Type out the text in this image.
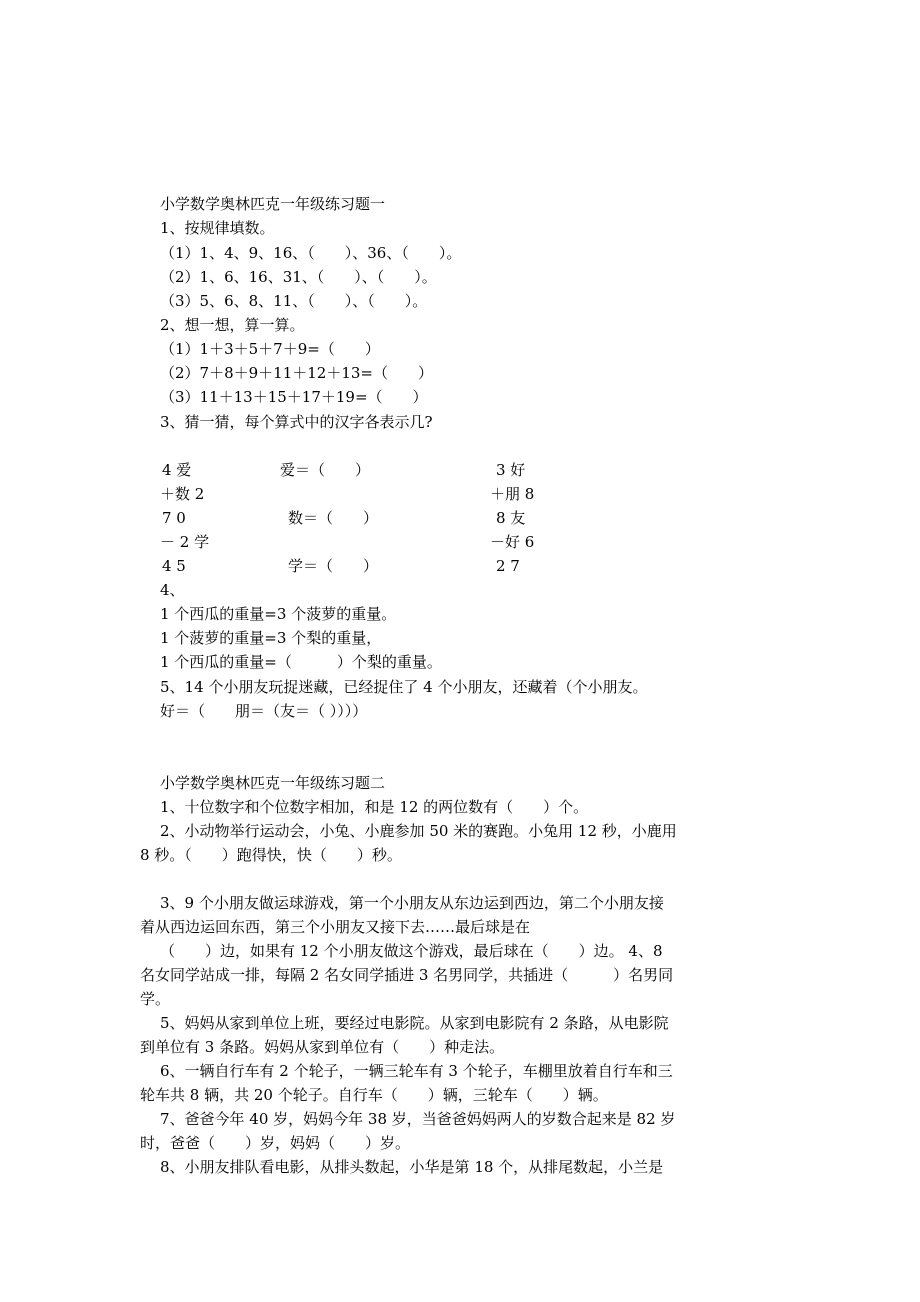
小学数学奥林匹克一年级练习题一
1、按规律填数。
（1）1、4、9、16、（　　）、36、（　　）。
（2）1、6、16、31、（　　）、（　　）。
（3）5、6、8、11、（　　）、（　　）。
2、想一想，算一算。
（1）1＋3＋5＋7＋9=（　　）
（2）7＋8＋9＋11＋12＋13=（　　）
（3）11＋13＋15＋17＋19=（　　）
3、猜一猜，每个算式中的汉字各表示几?
4 爱
＋数 2
7 0
－ 2 学
4 5
爱＝（　　）
数＝（　　）
学＝（　　）
3 好
＋朋 8
8 友
－好 6
2 7
4、
1 个西瓜的重量=3 个菠萝的重量。
1 个菠萝的重量=3 个梨的重量，
1 个西瓜的重量=（　　　）个梨的重量。
5、14 个小朋友玩捉迷藏，已经捉住了 4 个小朋友，还藏着（个小朋友。
好＝（　　朋＝（友＝（ ））））
小学数学奥林匹克一年级练习题二
1、十位数字和个位数字相加，和是 12 的两位数有（　　）个。
2、小动物举行运动会，小兔、小鹿参加 50 米的赛跑。小兔用 12 秒，小鹿用
8 秒。（　　）跑得快，快（　　）秒。
3、9 个小朋友做运球游戏，第一个小朋友从东边运到西边，第二个小朋友接
着从西边运回东西，第三个小朋友又接下去……最后球是在
（　　）边，如果有 12 个小朋友做这个游戏，最后球在（　　）边。 4、8
名女同学站成一排，每隔 2 名女同学插进 3 名男同学，共插进（　　　）名男同
学。
5、妈妈从家到单位上班，要经过电影院。从家到电影院有 2 条路，从电影院
到单位有 3 条路。妈妈从家到单位有（　　）种走法。
6、一辆自行车有 2 个轮子，一辆三轮车有 3 个轮子，车棚里放着自行车和三
轮车共 8 辆，共 20 个轮子。自行车（　　）辆，三轮车（　　）辆。
7、爸爸今年 40 岁，妈妈今年 38 岁，当爸爸妈妈两人的岁数合起来是 82 岁
时，爸爸（　　）岁，妈妈（　　）岁。
8、小朋友排队看电影，从排头数起，小华是第 18 个，从排尾数起，小兰是
